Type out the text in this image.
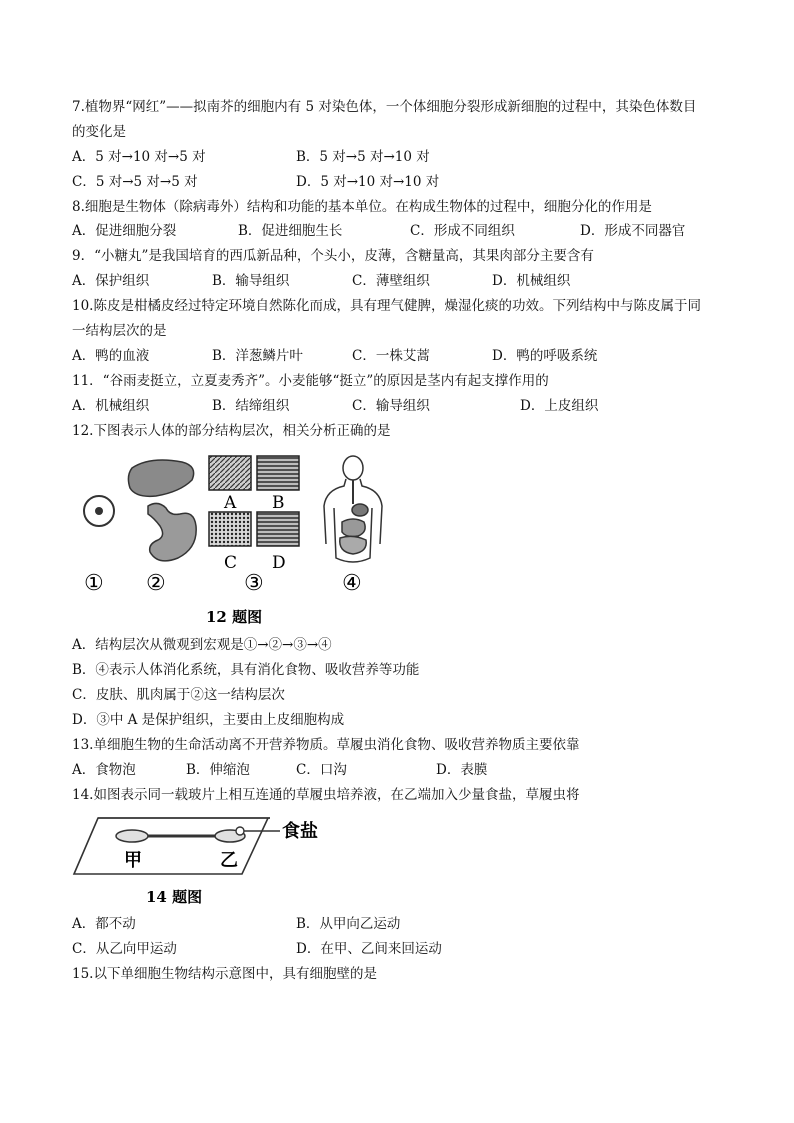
7.植物界“网红”——拟南芥的细胞内有 5 对染色体，一个体细胞分裂形成新细胞的过程中，其染色体数目
的变化是
A．5 对→10 对→5 对	B．5 对→5 对→10 对
C．5 对→5 对→5 对	D．5 对→10 对→10 对
8.细胞是生物体（除病毒外）结构和功能的基本单位。在构成生物体的过程中，细胞分化的作用是
A．促进细胞分裂	B．促进细胞生长	C．形成不同组织	D．形成不同器官
9．“小糖丸”是我国培育的西瓜新品种，个头小，皮薄，含糖量高，其果肉部分主要含有
A．保护组织	B．输导组织	C．薄壁组织	D．机械组织
10.陈皮是柑橘皮经过特定环境自然陈化而成，具有理气健脾，燥湿化痰的功效。下列结构中与陈皮属于同
一结构层次的是
A．鸭的血液	B．洋葱鳞片叶	C．一株艾蒿	D．鸭的呼吸系统
11．“谷雨麦挺立，立夏麦秀齐”。小麦能够“挺立”的原因是茎内有起支撑作用的
A．机械组织	B．结缔组织	C．输导组织	D．上皮组织
12.下图表示人体的部分结构层次，相关分析正确的是
A B
C D
① ②	③	④
12 题图
A．结构层次从微观到宏观是①→②→③→④
B．④表示人体消化系统，具有消化食物、吸收营养等功能
C．皮肤、肌肉属于②这一结构层次
D．③中 A 是保护组织，主要由上皮细胞构成
13.单细胞生物的生命活动离不开营养物质。草履虫消化食物、吸收营养物质主要依靠
A．食物泡	B．伸缩泡	C．口沟	D．表膜
14.如图表示同一载玻片上相互连通的草履虫培养液，在乙端加入少量食盐，草履虫将
食盐
甲	乙
14 题图
A．都不动	B．从甲向乙运动
C．从乙向甲运动	D．在甲、乙间来回运动
15.以下单细胞生物结构示意图中，具有细胞壁的是
